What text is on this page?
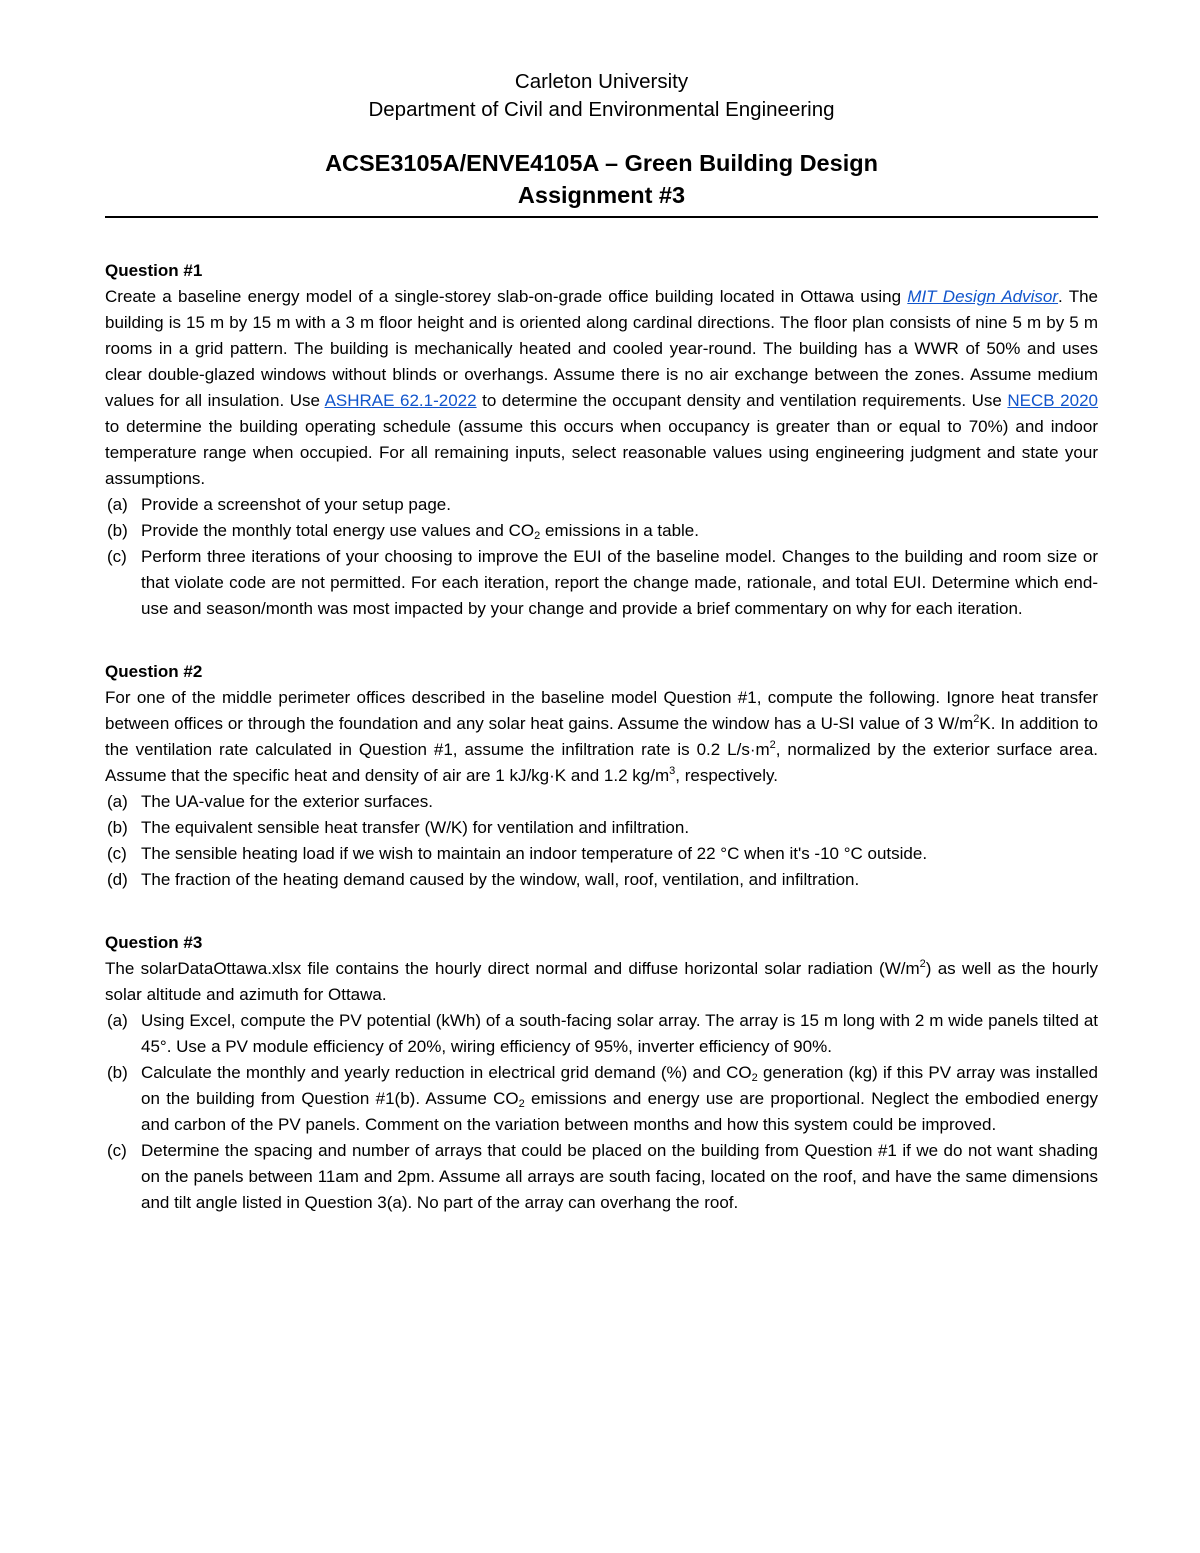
Carleton University
Department of Civil and Environmental Engineering
ACSE3105A/ENVE4105A – Green Building Design
Assignment #3
Question #1
Create a baseline energy model of a single-storey slab-on-grade office building located in Ottawa using MIT Design Advisor. The building is 15 m by 15 m with a 3 m floor height and is oriented along cardinal directions. The floor plan consists of nine 5 m by 5 m rooms in a grid pattern. The building is mechanically heated and cooled year-round. The building has a WWR of 50% and uses clear double-glazed windows without blinds or overhangs. Assume there is no air exchange between the zones. Assume medium values for all insulation. Use ASHRAE 62.1-2022 to determine the occupant density and ventilation requirements. Use NECB 2020 to determine the building operating schedule (assume this occurs when occupancy is greater than or equal to 70%) and indoor temperature range when occupied. For all remaining inputs, select reasonable values using engineering judgment and state your assumptions.
(a) Provide a screenshot of your setup page.
(b) Provide the monthly total energy use values and $CO_2$ emissions in a table.
(c) Perform three iterations of your choosing to improve the EUI of the baseline model. Changes to the building and room size or that violate code are not permitted. For each iteration, report the change made, rationale, and total EUI. Determine which end-use and season/month was most impacted by your change and provide a brief commentary on why for each iteration.
Question #2
For one of the middle perimeter offices described in the baseline model Question #1, compute the following. Ignore heat transfer between offices or through the foundation and any solar heat gains. Assume the window has a U-SI value of 3 $W/m^2K$. In addition to the ventilation rate calculated in Question #1, assume the infiltration rate is 0.2 $L/s\cdot m^2$, normalized by the exterior surface area. Assume that the specific heat and density of air are 1 kJ/kg·K and 1.2 $kg/m^3$, respectively.
(a) The UA-value for the exterior surfaces.
(b) The equivalent sensible heat transfer (W/K) for ventilation and infiltration.
(c) The sensible heating load if we wish to maintain an indoor temperature of 22 °C when it's -10 °C outside.
(d) The fraction of the heating demand caused by the window, wall, roof, ventilation, and infiltration.
Question #3
The solarDataOttawa.xlsx file contains the hourly direct normal and diffuse horizontal solar radiation $(W/m^2)$ as well as the hourly solar altitude and azimuth for Ottawa.
(a) Using Excel, compute the PV potential (kWh) of a south-facing solar array. The array is 15 m long with 2 m wide panels tilted at 45°. Use a PV module efficiency of 20%, wiring efficiency of 95%, inverter efficiency of 90%.
(b) Calculate the monthly and yearly reduction in electrical grid demand (%) and $CO_2$ generation (kg) if this PV array was installed on the building from Question #1(b). Assume $CO_2$ emissions and energy use are proportional. Neglect the embodied energy and carbon of the PV panels. Comment on the variation between months and how this system could be improved.
(c) Determine the spacing and number of arrays that could be placed on the building from Question #1 if we do not want shading on the panels between 11am and 2pm. Assume all arrays are south facing, located on the roof, and have the same dimensions and tilt angle listed in Question 3(a). No part of the array can overhang the roof.
